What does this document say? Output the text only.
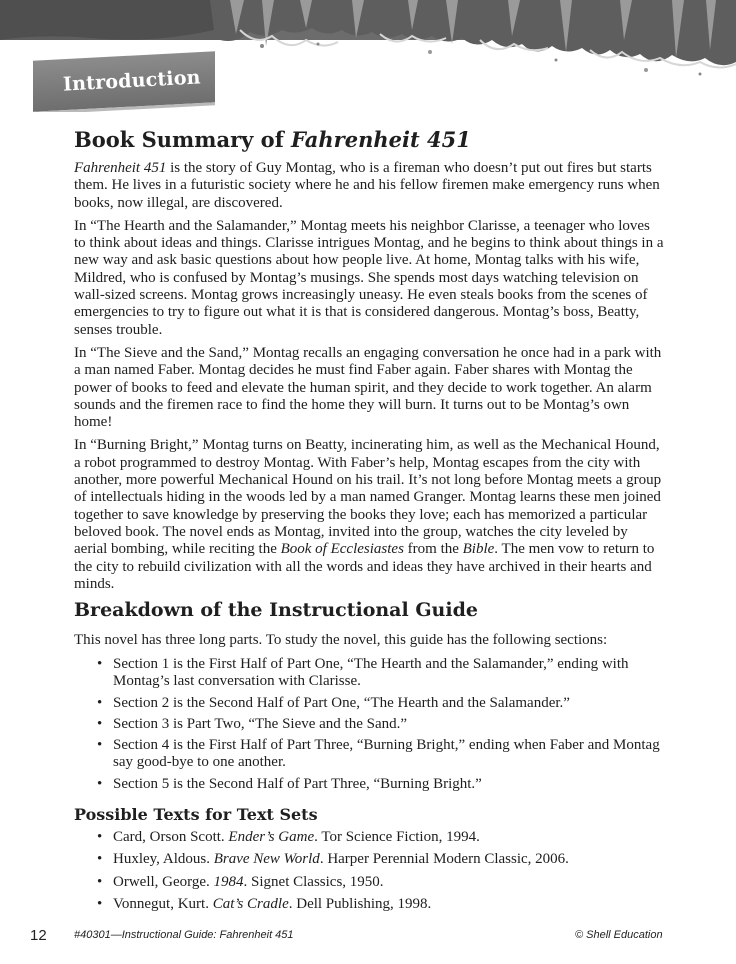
Introduction
Book Summary of Fahrenheit 451

Fahrenheit 451 is the story of Guy Montag, who is a fireman who doesn’t put out fires but starts them. He lives in a futuristic society where he and his fellow firemen make emergency runs when books, now illegal, are discovered.

In “The Hearth and the Salamander,” Montag meets his neighbor Clarisse, a teenager who loves to think about ideas and things. Clarisse intrigues Montag, and he begins to think about things in a new way and ask basic questions about how people live. At home, Montag talks with his wife, Mildred, who is confused by Montag’s musings. She spends most days watching television on wall-sized screens. Montag grows increasingly uneasy. He even steals books from the scenes of emergencies to try to figure out what it is that is considered dangerous. Montag’s boss, Beatty, senses trouble.

In “The Sieve and the Sand,” Montag recalls an engaging conversation he once had in a park with a man named Faber. Montag decides he must find Faber again. Faber shares with Montag the power of books to feed and elevate the human spirit, and they decide to work together. An alarm sounds and the firemen race to find the home they will burn. It turns out to be Montag’s own home!

In “Burning Bright,” Montag turns on Beatty, incinerating him, as well as the Mechanical Hound, a robot programmed to destroy Montag. With Faber’s help, Montag escapes from the city with another, more powerful Mechanical Hound on his trail. It’s not long before Montag meets a group of intellectuals hiding in the woods led by a man named Granger. Montag learns these men joined together to save knowledge by preserving the books they love; each has memorized a particular beloved book. The novel ends as Montag, invited into the group, watches the city leveled by aerial bombing, while reciting the Book of Ecclesiastes from the Bible. The men vow to return to the city to rebuild civilization with all the words and ideas they have archived in their hearts and minds.

Breakdown of the Instructional Guide
This novel has three long parts. To study the novel, this guide has the following sections:
• Section 1 is the First Half of Part One, “The Hearth and the Salamander,” ending with Montag’s last conversation with Clarisse.
• Section 2 is the Second Half of Part One, “The Hearth and the Salamander.”
• Section 3 is Part Two, “The Sieve and the Sand.”
• Section 4 is the First Half of Part Three, “Burning Bright,” ending when Faber and Montag say good-bye to one another.
• Section 5 is the Second Half of Part Three, “Burning Bright.”
Possible Texts for Text Sets
• Card, Orson Scott. Ender’s Game. Tor Science Fiction, 1994.
• Huxley, Aldous. Brave New World. Harper Perennial Modern Classic, 2006.
• Orwell, George. 1984. Signet Classics, 1950.
• Vonnegut, Kurt. Cat’s Cradle. Dell Publishing, 1998.
12 #40301—Instructional Guide: Fahrenheit 451	© Shell Education
